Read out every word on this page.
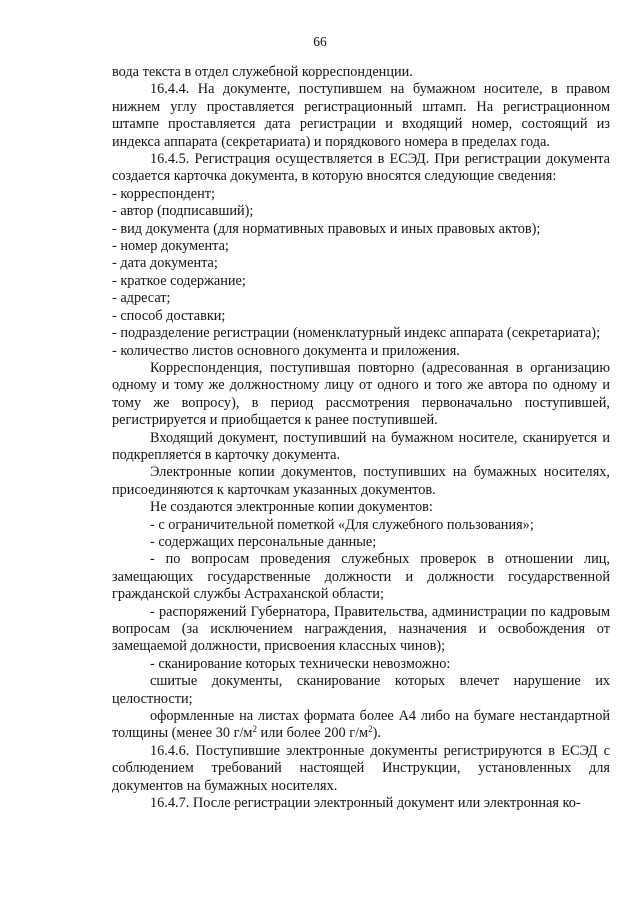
66

вода текста в отдел служебной корреспонденции.

16.4.4. На документе, поступившем на бумажном носителе, в правом нижнем углу проставляется регистрационный штамп. На регистрационном штампе проставляется дата регистрации и входящий номер, состоящий из индекса аппарата (секретариата) и порядкового номера в пределах года.

16.4.5. Регистрация осуществляется в ЕСЭД. При регистрации документа создается карточка документа, в которую вносятся следующие сведения:

- корреспондент;

- автор (подписавший);

- вид документа (для нормативных правовых и иных правовых актов);

- номер документа;

- дата документа;

- краткое содержание;

- адресат;

- способ доставки;

- подразделение регистрации (номенклатурный индекс аппарата (секретариата);

- количество листов основного документа и приложения.

Корреспонденция, поступившая повторно (адресованная в организацию одному и тому же должностному лицу от одного и того же автора по одному и тому же вопросу), в период рассмотрения первоначально поступившей, регистрируется и приобщается к ранее поступившей.

Входящий документ, поступивший на бумажном носителе, сканируется и подкрепляется в карточку документа.

Электронные копии документов, поступивших на бумажных носителях, присоединяются к карточкам указанных документов.

Не создаются электронные копии документов:

- с ограничительной пометкой «Для служебного пользования»;

- содержащих персональные данные;

- по вопросам проведения служебных проверок в отношении лиц, замещающих государственные должности и должности государственной гражданской службы Астраханской области;

- распоряжений Губернатора, Правительства, администрации по кадровым вопросам (за исключением награждения, назначения и освобождения от замещаемой должности, присвоения классных чинов);

- сканирование которых технически невозможно:

сшитые документы, сканирование которых влечет нарушение их целостности;

оформленные на листах формата более А4 либо на бумаге нестандартной толщины (менее 30 $г/м^2$ или более 200 $г/м^2$).

16.4.6. Поступившие электронные документы регистрируются в ЕСЭД с соблюдением требований настоящей Инструкции, установленных для документов на бумажных носителях.

16.4.7. После регистрации электронный документ или электронная ко-
